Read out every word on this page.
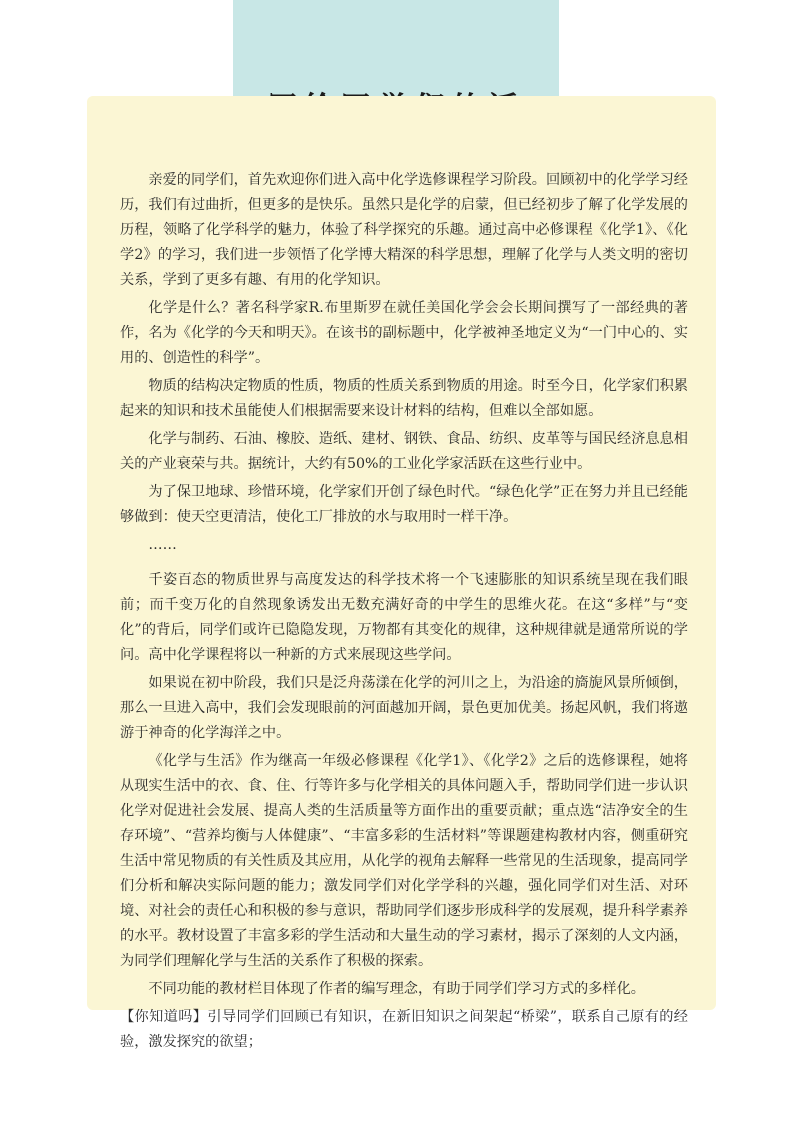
亲爱的同学们，首先欢迎你们进入高中化学选修课程学习阶段。回顾初中的化学学习经历，我们有过曲折，但更多的是快乐。虽然只是化学的启蒙，但已经初步了解了化学发展的历程，领略了化学科学的魅力，体验了科学探究的乐趣。通过高中必修课程《化学1》、《化学2》的学习，我们进一步领悟了化学博大精深的科学思想，理解了化学与人类文明的密切关系，学到了更多有趣、有用的化学知识。

化学是什么？著名科学家R.布里斯罗在就任美国化学会会长期间撰写了一部经典的著作，名为《化学的今天和明天》。在该书的副标题中，化学被神圣地定义为“一门中心的、实用的、创造性的科学”。

物质的结构决定物质的性质，物质的性质关系到物质的用途。时至今日，化学家们积累起来的知识和技术虽能使人们根据需要来设计材料的结构，但难以全部如愿。

化学与制药、石油、橡胶、造纸、建材、钢铁、食品、纺织、皮革等与国民经济息息相关的产业衰荣与共。据统计，大约有50%的工业化学家活跃在这些行业中。

为了保卫地球、珍惜环境，化学家们开创了绿色时代。“绿色化学”正在努力并且已经能够做到：使天空更清洁，使化工厂排放的水与取用时一样干净。

……

千姿百态的物质世界与高度发达的科学技术将一个飞速膨胀的知识系统呈现在我们眼前；而千变万化的自然现象诱发出无数充满好奇的中学生的思维火花。在这“多样”与“变化”的背后，同学们或许已隐隐发现，万物都有其变化的规律，这种规律就是通常所说的学问。高中化学课程将以一种新的方式来展现这些学问。

如果说在初中阶段，我们只是泛舟荡漾在化学的河川之上，为沿途的旖旎风景所倾倒，那么一旦进入高中，我们会发现眼前的河面越加开阔，景色更加优美。扬起风帆，我们将遨游于神奇的化学海洋之中。

《化学与生活》作为继高一年级必修课程《化学1》、《化学2》之后的选修课程，她将从现实生活中的衣、食、住、行等许多与化学相关的具体问题入手，帮助同学们进一步认识化学对促进社会发展、提高人类的生活质量等方面作出的重要贡献；重点选“洁净安全的生存环境”、“营养均衡与人体健康”、“丰富多彩的生活材料”等课题建构教材内容，侧重研究生活中常见物质的有关性质及其应用，从化学的视角去解释一些常见的生活现象，提高同学们分析和解决实际问题的能力；激发同学们对化学学科的兴趣，强化同学们对生活、对环境、对社会的责任心和积极的参与意识，帮助同学们逐步形成科学的发展观，提升科学素养的水平。教材设置了丰富多彩的学生活动和大量生动的学习素材，揭示了深刻的人文内涵，为同学们理解化学与生活的关系作了积极的探索。

不同功能的教材栏目体现了作者的编写理念，有助于同学们学习方式的多样化。

【你知道吗】引导同学们回顾已有知识，在新旧知识之间架起“桥梁”，联系自己原有的经验，激发探究的欲望；
